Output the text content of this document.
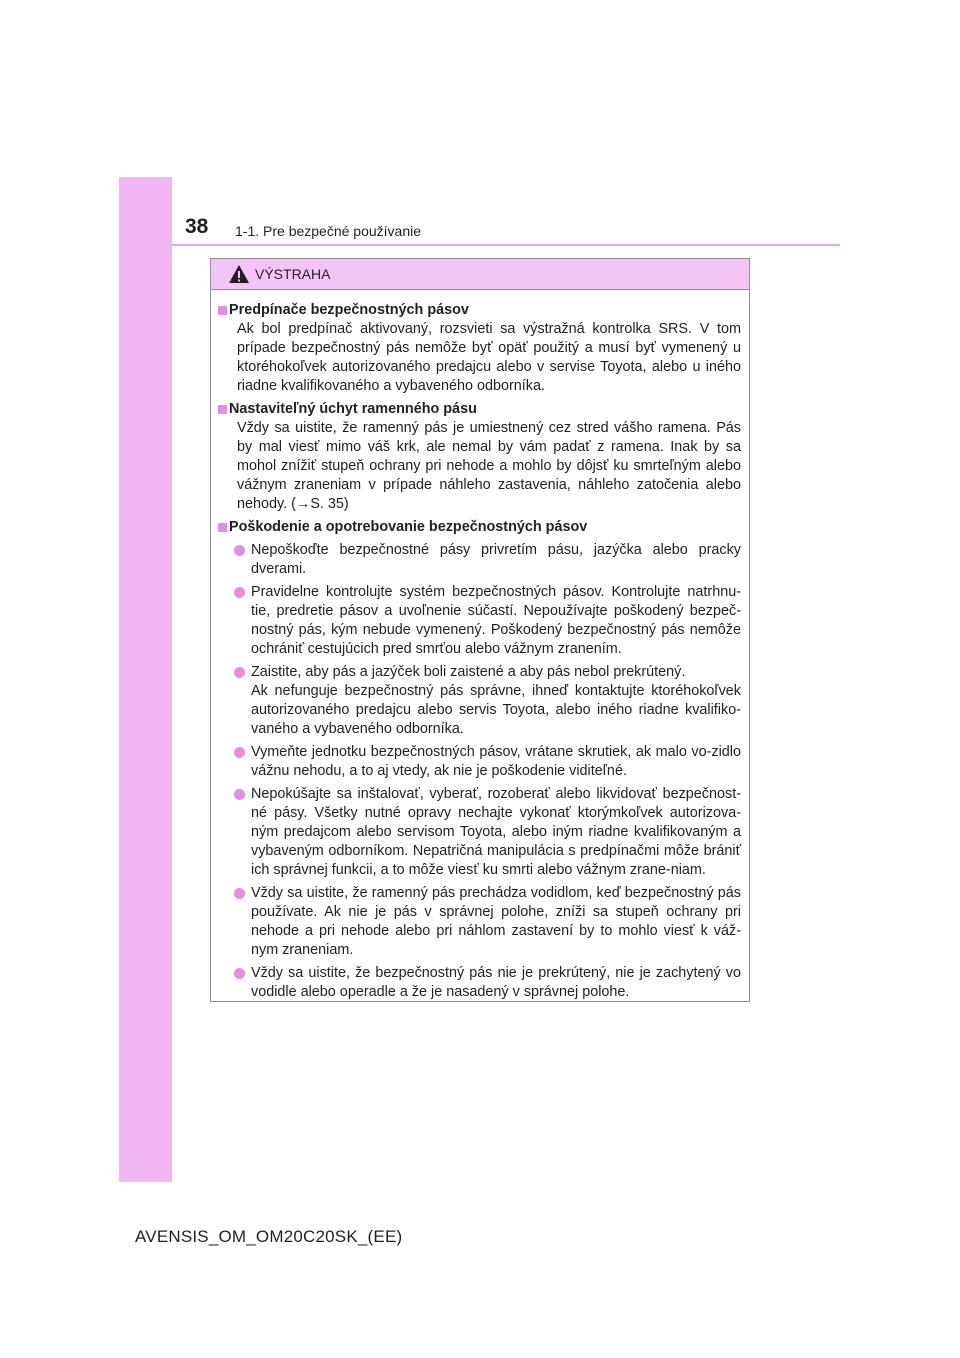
38 1-1. Pre bezpečné používanie
VÝSTRAHA
Predpínače bezpečnostných pásov
Ak bol predpínač aktivovaný, rozsvieti sa výstražná kontrolka SRS. V tom prípade bezpečnostný pás nemôže byť opäť použitý a musí byť vymenený u ktoréhokoľvek autorizovaného predajcu alebo v servise Toyota, alebo u iného riadne kvalifikovaného a vybaveného odborníka.
Nastaviteľný úchyt ramenného pásu
Vždy sa uistite, že ramenný pás je umiestnený cez stred vášho ramena. Pás by mal viesť mimo váš krk, ale nemal by vám padať z ramena. Inak by sa mohol znížiť stupeň ochrany pri nehode a mohlo by dôjsť ku smrteľným alebo vážnym zraneniam v prípade náhleho zastavenia, náhleho zatočenia alebo nehody. (→S. 35)
Poškodenie a opotrebovanie bezpečnostných pásov
Nepoškoďte bezpečnostné pásy privretím pásu, jazýčka alebo pracky dverami.
Pravidelne kontrolujte systém bezpečnostných pásov. Kontrolujte natrhnu-tie, predretie pásov a uvoľnenie súčastí. Nepoužívajte poškodený bezpeč-nostný pás, kým nebude vymenený. Poškodený bezpečnostný pás nemôže ochrániť cestujúcich pred smrťou alebo vážnym zranením.
Zaistite, aby pás a jazýček boli zaistené a aby pás nebol prekrútený.
Ak nefunguje bezpečnostný pás správne, ihneď kontaktujte ktoréhokoľvek autorizovaného predajcu alebo servis Toyota, alebo iného riadne kvalifiko-vaného a vybaveného odborníka.
Vymeňte jednotku bezpečnostných pásov, vrátane skrutiek, ak malo vo-zidlo vážnu nehodu, a to aj vtedy, ak nie je poškodenie viditeľné.
Nepokúšajte sa inštalovať, vyberať, rozoberať alebo likvidovať bezpečnost-né pásy. Všetky nutné opravy nechajte vykonať ktorýmkoľvek autorizova-ným predajcom alebo servisom Toyota, alebo iným riadne kvalifikovaným a vybaveným odborníkom. Nepatričná manipulácia s predpínačmi môže brániť ich správnej funkcii, a to môže viesť ku smrti alebo vážnym zrane-niam.
Vždy sa uistite, že ramenný pás prechádza vodidlom, keď bezpečnostný pás používate. Ak nie je pás v správnej polohe, zníži sa stupeň ochrany pri nehode a pri nehode alebo pri náhlom zastavení by to mohlo viesť k váž-nym zraneniam.
Vždy sa uistite, že bezpečnostný pás nie je prekrútený, nie je zachytený vo vodidle alebo operadle a že je nasadený v správnej polohe.
AVENSIS_OM_OM20C20SK_(EE)
